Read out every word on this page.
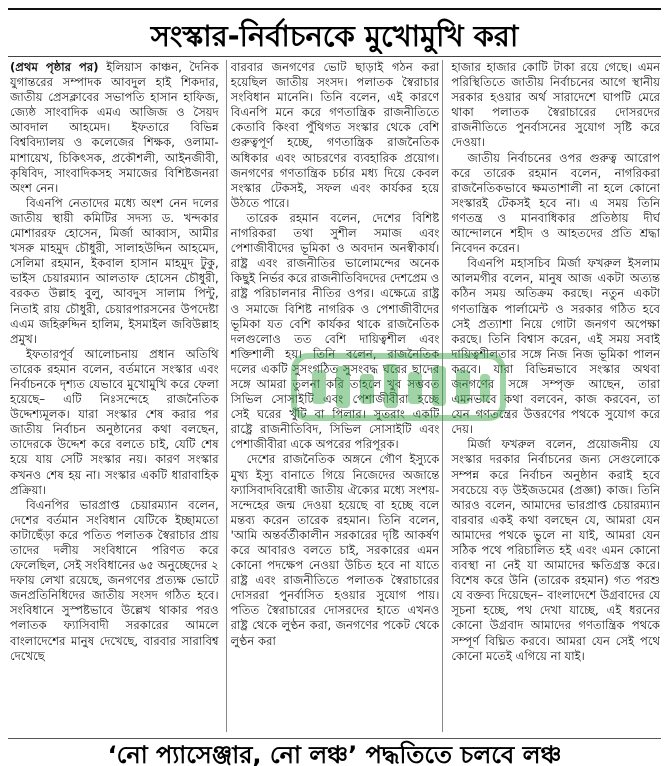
সংস্কার-নির্বাচনকে মুখোমুখি করা

(প্রথম পৃষ্ঠার পর) ইলিয়াস কাঞ্চন, দৈনিক যুগান্তরের সম্পাদক আবদুল হাই শিকদার, জাতীয় প্রেসক্লাবের সভাপতি হাসান হাফিজ, জ্যেষ্ঠ সাংবাদিক এমএ আজিজ ও সৈয়দ আবদাল আহমেদ। ইফতারে বিভিন্ন বিশ্ববিদ্যালয় ও কলেজের শিক্ষক, ওলামা-মাশায়েখ, চিকিৎসক, প্রকৌশলী, আইনজীবী, কৃষিবিদ, সাংবাদিকসহ সমাজের বিশিষ্টজনরা অংশ নেন।

বিএনপি নেতাদের মধ্যে অংশ নেন দলের জাতীয় স্থায়ী কমিটির সদস্য ড. খন্দকার মোশাররফ হোসেন, মির্জা আব্বাস, আমীর খসরু মাহমুদ চৌধুরী, সালাহউদ্দিন আহমেদ, সেলিমা রহমান, ইকবাল হাসান মাহমুদ টুকু, ভাইস চেয়ারম্যান আলতাফ হোসেন চৌধুরী, বরকত উল্লাহ বুলু, আবদুস সালাম পিন্টু, নিতাই রায় চৌধুরী, চেয়ারপারসনের উপদেষ্টা এএম জহিরুদ্দিন হালিম, ইসমাইল জবিউল্লাহ প্রমুখ।

ইফতারপূর্ব আলোচনায় প্রধান অতিথি তারেক রহমান বলেন, বর্তমানে সংস্কার এবং নির্বাচনকে দৃশ্যত যেভাবে মুখোমুখি করে ফেলা হয়েছে– এটি নিঃসন্দেহে রাজনৈতিক উদ্দেশ্যমূলক। যারা সংস্কার শেষ করার পর জাতীয় নির্বাচন অনুষ্ঠানের কথা বলছেন, তাদেরকে উদ্দেশ করে বলতে চাই, যেটি শেষ হয়ে যায় সেটি সংস্কার নয়। কারণ সংস্কার কখনও শেষ হয় না। সংস্কার একটি ধারাবাহিক প্রক্রিয়া।

বিএনপির ভারপ্রাপ্ত চেয়ারম্যান বলেন, দেশের বর্তমান সংবিধান যেটিকে ইচ্ছামতো কাটাছেঁড়া করে পতিত পলাতক স্বৈরাচার প্রায় তাদের দলীয় সংবিধানে পরিণত করে ফেলেছিল, সেই সংবিধানের ৬৫ অনুচ্ছেদের ২ দফায় লেখা রয়েছে, জনগণের প্রত্যক্ষ ভোটে জনপ্রতিনিধিদের জাতীয় সংসদ গঠিত হবে। সংবিধানে সুস্পষ্টভাবে উল্লেখ থাকার পরও পলাতক ফ্যাসিবাদী সরকারের আমলে বাংলাদেশের মানুষ দেখেছে, বারবার সারাবিশ্ব দেখেছে

বারবার জনগণের ভোট ছাড়াই গঠন করা হয়েছিল জাতীয় সংসদ। পলাতক স্বৈরাচার সংবিধান মানেনি। তিনি বলেন, এই কারণে বিএনপি মনে করে গণতান্ত্রিক রাজনীতিতে কেতাবি কিংবা পুঁথিগত সংস্কার থেকে বেশি গুরুত্বপূর্ণ হচ্ছে, গণতান্ত্রিক রাজনৈতিক অধিকার এবং আচরণের ব্যবহারিক প্রয়োগ। জনগণের গণতান্ত্রিক চর্চার মধ্য দিয়ে কেবল সংস্কার টেকসই, সফল এবং কার্যকর হয়ে উঠতে পারে।

তারেক রহমান বলেন, দেশের বিশিষ্ট নাগরিকরা তথা সুশীল সমাজ এবং পেশাজীবীদের ভূমিকা ও অবদান অনস্বীকার্য। রাষ্ট্র এবং রাজনীতির ভালোমন্দের অনেক কিছুই নির্ভর করে রাজনীতিবিদদের দেশপ্রেম ও রাষ্ট্র পরিচালনার নীতির ওপর। এক্ষেত্রে রাষ্ট্র ও সমাজে বিশিষ্ট নাগরিক ও পেশাজীবীদের ভূমিকা যত বেশি কার্যকর থাকে রাজনৈতিক দলগুলোও তত বেশি দায়িত্বশীল এবং শক্তিশালী হয়। তিনি বলেন, রাজনৈতিক দলের একটি সুসংগঠিত সুসংবদ্ধ ঘরের ছাদের সঙ্গে আমরা তুলনা করি তাহলে খুব সম্ভবত সিভিল সোসাইটি এবং পেশাজীবীরা হচ্ছে সেই ঘরের খুঁটি বা পিলার। সুতরাং একটি রাষ্ট্রে রাজনীতিবিদ, সিভিল সোসাইটি এবং পেশাজীবীরা একে অপরের পরিপূরক।

দেশের রাজনৈতিক অঙ্গনে গৌণ ইস্যুকে মুখ্য ইস্যু বানাতে গিয়ে নিজেদের অজান্তে ফ্যাসিবাদবিরোধী জাতীয় ঐক্যের মধ্যে সংশয়-সন্দেহের জন্ম দেওয়া হয়েছে বা হচ্ছে বলে মন্তব্য করেন তারেক রহমান। তিনি বলেন, 'আমি অন্তর্বর্তীকালীন সরকারের দৃষ্টি আকর্ষণ করে আবারও বলতে চাই, সরকারের এমন কোনো পদক্ষেপ নেওয়া উচিত হবে না যাতে রাষ্ট্র এবং রাজনীতিতে পলাতক স্বৈরাচারের দোসররা পুনর্বাসিত হওয়ার সুযোগ পায়। পতিত স্বৈরাচারের দোসরদের হাতে এখনও রাষ্ট্র থেকে লুণ্ঠন করা, জনগণের পকেট থেকে লুণ্ঠন করা

হাজার হাজার কোটি টাকা রয়ে গেছে। এমন পরিস্থিতিতে জাতীয় নির্বাচনের আগে স্থানীয় সরকার হওয়ার অর্থ সারাদেশে ঘাপটি মেরে থাকা পলাতক স্বৈরাচারের দোসরদের রাজনীতিতে পুনর্বাসনের সুযোগ সৃষ্টি করে দেওয়া।

জাতীয় নির্বাচনের ওপর গুরুত্ব আরোপ করে তারেক রহমান বলেন, নাগরিকরা রাজনৈতিকভাবে ক্ষমতাশালী না হলে কোনো সংস্কারই টেকসই হবে না। এ সময় তিনি গণতন্ত্র ও মানবাধিকার প্রতিষ্ঠায় দীর্ঘ আন্দোলনে শহীদ ও আহতদের প্রতি শ্রদ্ধা নিবেদন করেন।

বিএনপি মহাসচিব মির্জা ফখরুল ইসলাম আলমগীর বলেন, মানুষ আজ একটা অত্যন্ত কঠিন সময় অতিক্রম করছে। নতুন একটা গণতান্ত্রিক পার্লামেন্ট ও সরকার গঠিত হবে সেই প্রত্যাশা নিয়ে গোটা জনগণ অপেক্ষা করছে। তিনি বিশ্বাস করেন, এই সময় সবাই দায়িত্বশীলতার সঙ্গে নিজ নিজ ভূমিকা পালন করবে। যারা বিভিন্নভাবে সংস্কার অথবা জনগণের সঙ্গে সম্পৃক্ত আছেন, তারা এমনভাবে কথা বলবেন, কাজ করবেন, তা যেন গণতন্ত্রের উত্তরণের পথকে সুযোগ করে দেয়।

মির্জা ফখরুল বলেন, প্রয়োজনীয় যে সংস্কার দরকার নির্বাচনের জন্য সেগুলোকে সম্পন্ন করে নির্বাচন অনুষ্ঠান করাই হবে সবচেয়ে বড় উইজডমের (প্রজ্ঞা) কাজ। তিনি আরও বলেন, আমাদের ভারপ্রাপ্ত চেয়ারম্যান বারবার একই কথা বলছেন যে, আমরা যেন আমাদের পথকে ভুলে না যাই, আমরা যেন সঠিক পথে পরিচালিত হই এবং এমন কোনো ব্যবস্থা না নেই যা আমাদের ক্ষতিগ্রস্ত করে। বিশেষ করে উনি (তারেক রহমান) গত পরশু যে বক্তব্য দিয়েছেন– বাংলাদেশে উগ্রবাদের যে সূচনা হচ্ছে, পথ দেখা যাচ্ছে, এই ধরনের কোনো উগ্রবাদ আমাদের গণতান্ত্রিক পথকে সম্পূর্ণ বিঘ্নিত করবে। আমরা যেন সেই পথে কোনো মতেই এগিয়ে না যাই।

‘নো প্যাসেঞ্জার, নো লঞ্চ’ পদ্ধতিতে চলবে লঞ্চ
